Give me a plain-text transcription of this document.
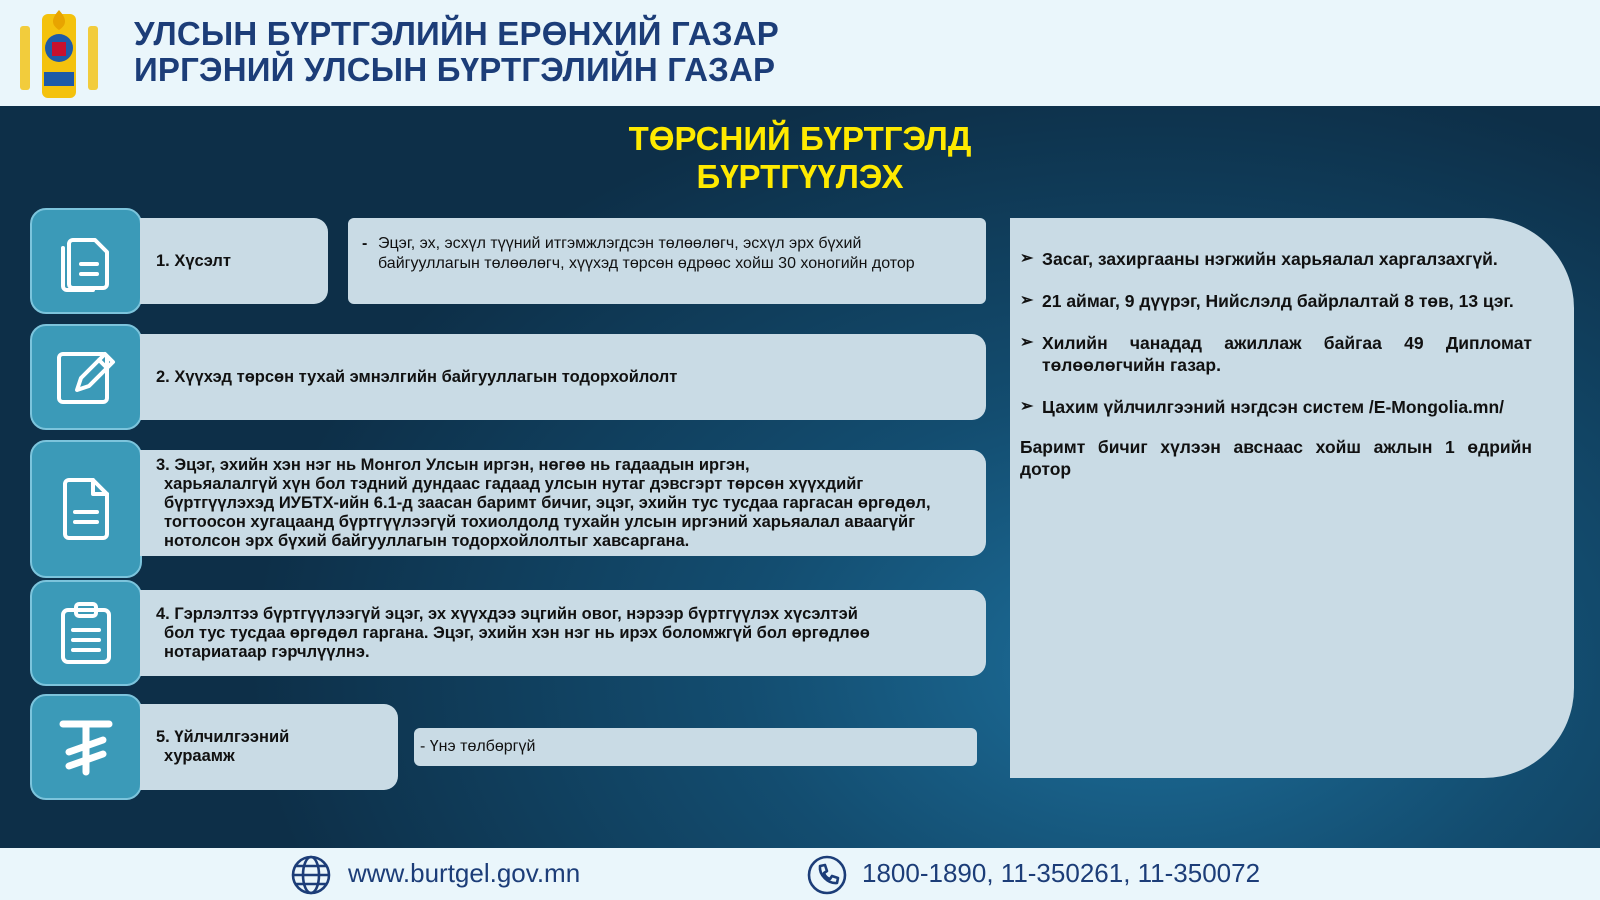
УЛСЫН БҮРТГЭЛИЙН ЕРӨНХИЙ ГАЗАР
ИРГЭНИЙ УЛСЫН БҮРТГЭЛИЙН ГАЗАР
ТӨРСНИЙ БҮРТГЭЛД
БҮРТГҮҮЛЭХ
1. Хүсэлт
- Эцэг, эх, эсхүл түүний итгэмжлэгдсэн төлөөлөгч, эсхүл эрх бүхий байгууллагын төлөөлөгч, хүүхэд төрсөн өдрөөс хойш 30 хоногийн дотор
2. Хүүхэд төрсөн тухай эмнэлгийн байгууллагын тодорхойлолт
3. Эцэг, эхийн хэн нэг нь Монгол Улсын иргэн, нөгөө нь гадаадын иргэн,
харьяалалгүй хүн бол тэдний дундаас гадаад улсын нутаг дэвсгэрт төрсөн хүүхдийг бүртгүүлэхэд ИУБТХ-ийн 6.1-д заасан баримт бичиг, эцэг, эхийн тус тусдаа гаргасан өргөдөл, тогтоосон хугацаанд бүртгүүлээгүй тохиолдолд тухайн улсын иргэний харьяалал аваагүйг нотолсон эрх бүхий байгууллагын тодорхойлолтыг хавсаргана.
4. Гэрлэлтээ бүртгүүлээгүй эцэг, эх хүүхдээ эцгийн овог, нэрээр бүртгүүлэх хүсэлтэй
бол тус тусдаа өргөдөл гаргана. Эцэг, эхийн хэн нэг нь ирэх боломжгүй бол өргөдлөө нотариатаар гэрчлүүлнэ.
5. Үйлчилгээний
хураамж
- Үнэ төлбөргүй
➢ Засаг, захиргааны нэгжийн харьяалал харгалзахгүй.
➢ 21 аймаг, 9 дүүрэг, Нийслэлд байрлалтай 8 төв, 13 цэг.
➢ Хилийн чанадад ажиллаж байгаа 49 Дипломат төлөөлөгчийн газар.
➢ Цахим үйлчилгээний нэгдсэн систем /E-Mongolia.mn/
Баримт бичиг хүлээн авснаас хойш ажлын 1 өдрийн дотор
www.burtgel.gov.mn	1800-1890, 11-350261, 11-350072
